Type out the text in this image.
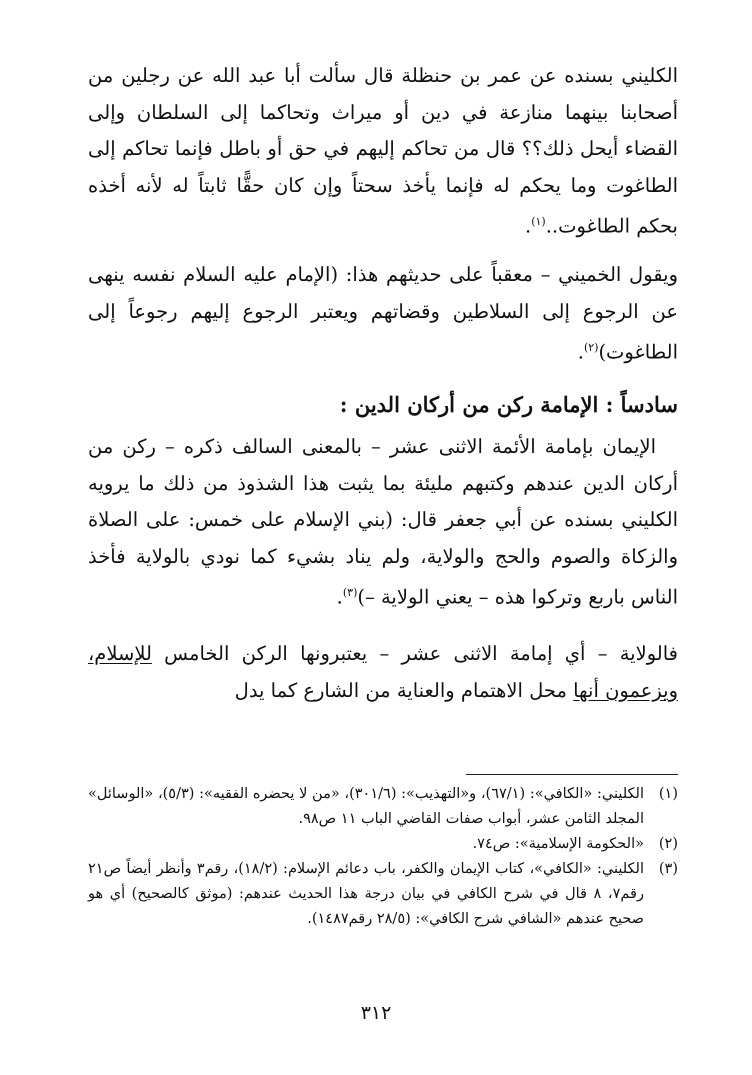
الكليني بسنده عن عمر بن حنظلة قال سألت أبا عبد الله عن رجلين من أصحابنا بينهما منازعة في دين أو ميراث وتحاكما إلى السلطان وإلى القضاء أيحل ذلك؟؟ قال من تحاكم إليهم في حق أو باطل فإنما تحاكم إلى الطاغوت وما يحكم له فإنما يأخذ سحتاً وإن كان حقًّا ثابتاً له لأنه أخذه بحكم الطاغوت..$^{(١)}$.

ويقول الخميني – معقباً على حديثهم هذا: (الإمام عليه السلام نفسه ينهى عن الرجوع إلى السلاطين وقضاتهم ويعتبر الرجوع إليهم رجوعاً إلى الطاغوت)$^{(٢)}$.

سادساً : الإمامة ركن من أركان الدين :

الإيمان بإمامة الأئمة الاثنى عشر – بالمعنى السالف ذكره – ركن من أركان الدين عندهم وكتبهم مليئة بما يثبت هذا الشذوذ من ذلك ما يرويه الكليني بسنده عن أبي جعفر قال: (بني الإسلام على خمس: على الصلاة والزكاة والصوم والحج والولاية، ولم يناد بشيء كما نودي بالولاية فأخذ الناس باربع وتركوا هذه – يعني الولاية –)$^{(٣)}$.

فالولاية – أي إمامة الاثنى عشر – يعتبرونها الركن الخامس للإسلام، ويزعمون أنها محل الاهتمام والعناية من الشارع كما يدل

(١)
الكليني: «الكافي»: (٦٧/١)، و«التهذيب»: (٣٠١/٦)، «من لا يحضره الفقيه»: (٥/٣)، «الوسائل» المجلد الثامن عشر، أبواب صفات القاضي الباب ١١ ص٩٨.

(٢)
«الحكومة الإسلامية»: ص٧٤.

(٣)
الكليني: «الكافي»، كتاب الإيمان والكفر، باب دعائم الإسلام: (١٨/٢)، رقم٣ وأنظر أيضاً ص٢١ رقم٧، ٨ قال في شرح الكافي في بيان درجة هذا الحديث عندهم: (موثق كالصحيح) أي هو صحيح عندهم «الشافي شرح الكافي»: (٢٨/٥ رقم١٤٨٧).

٣١٢
